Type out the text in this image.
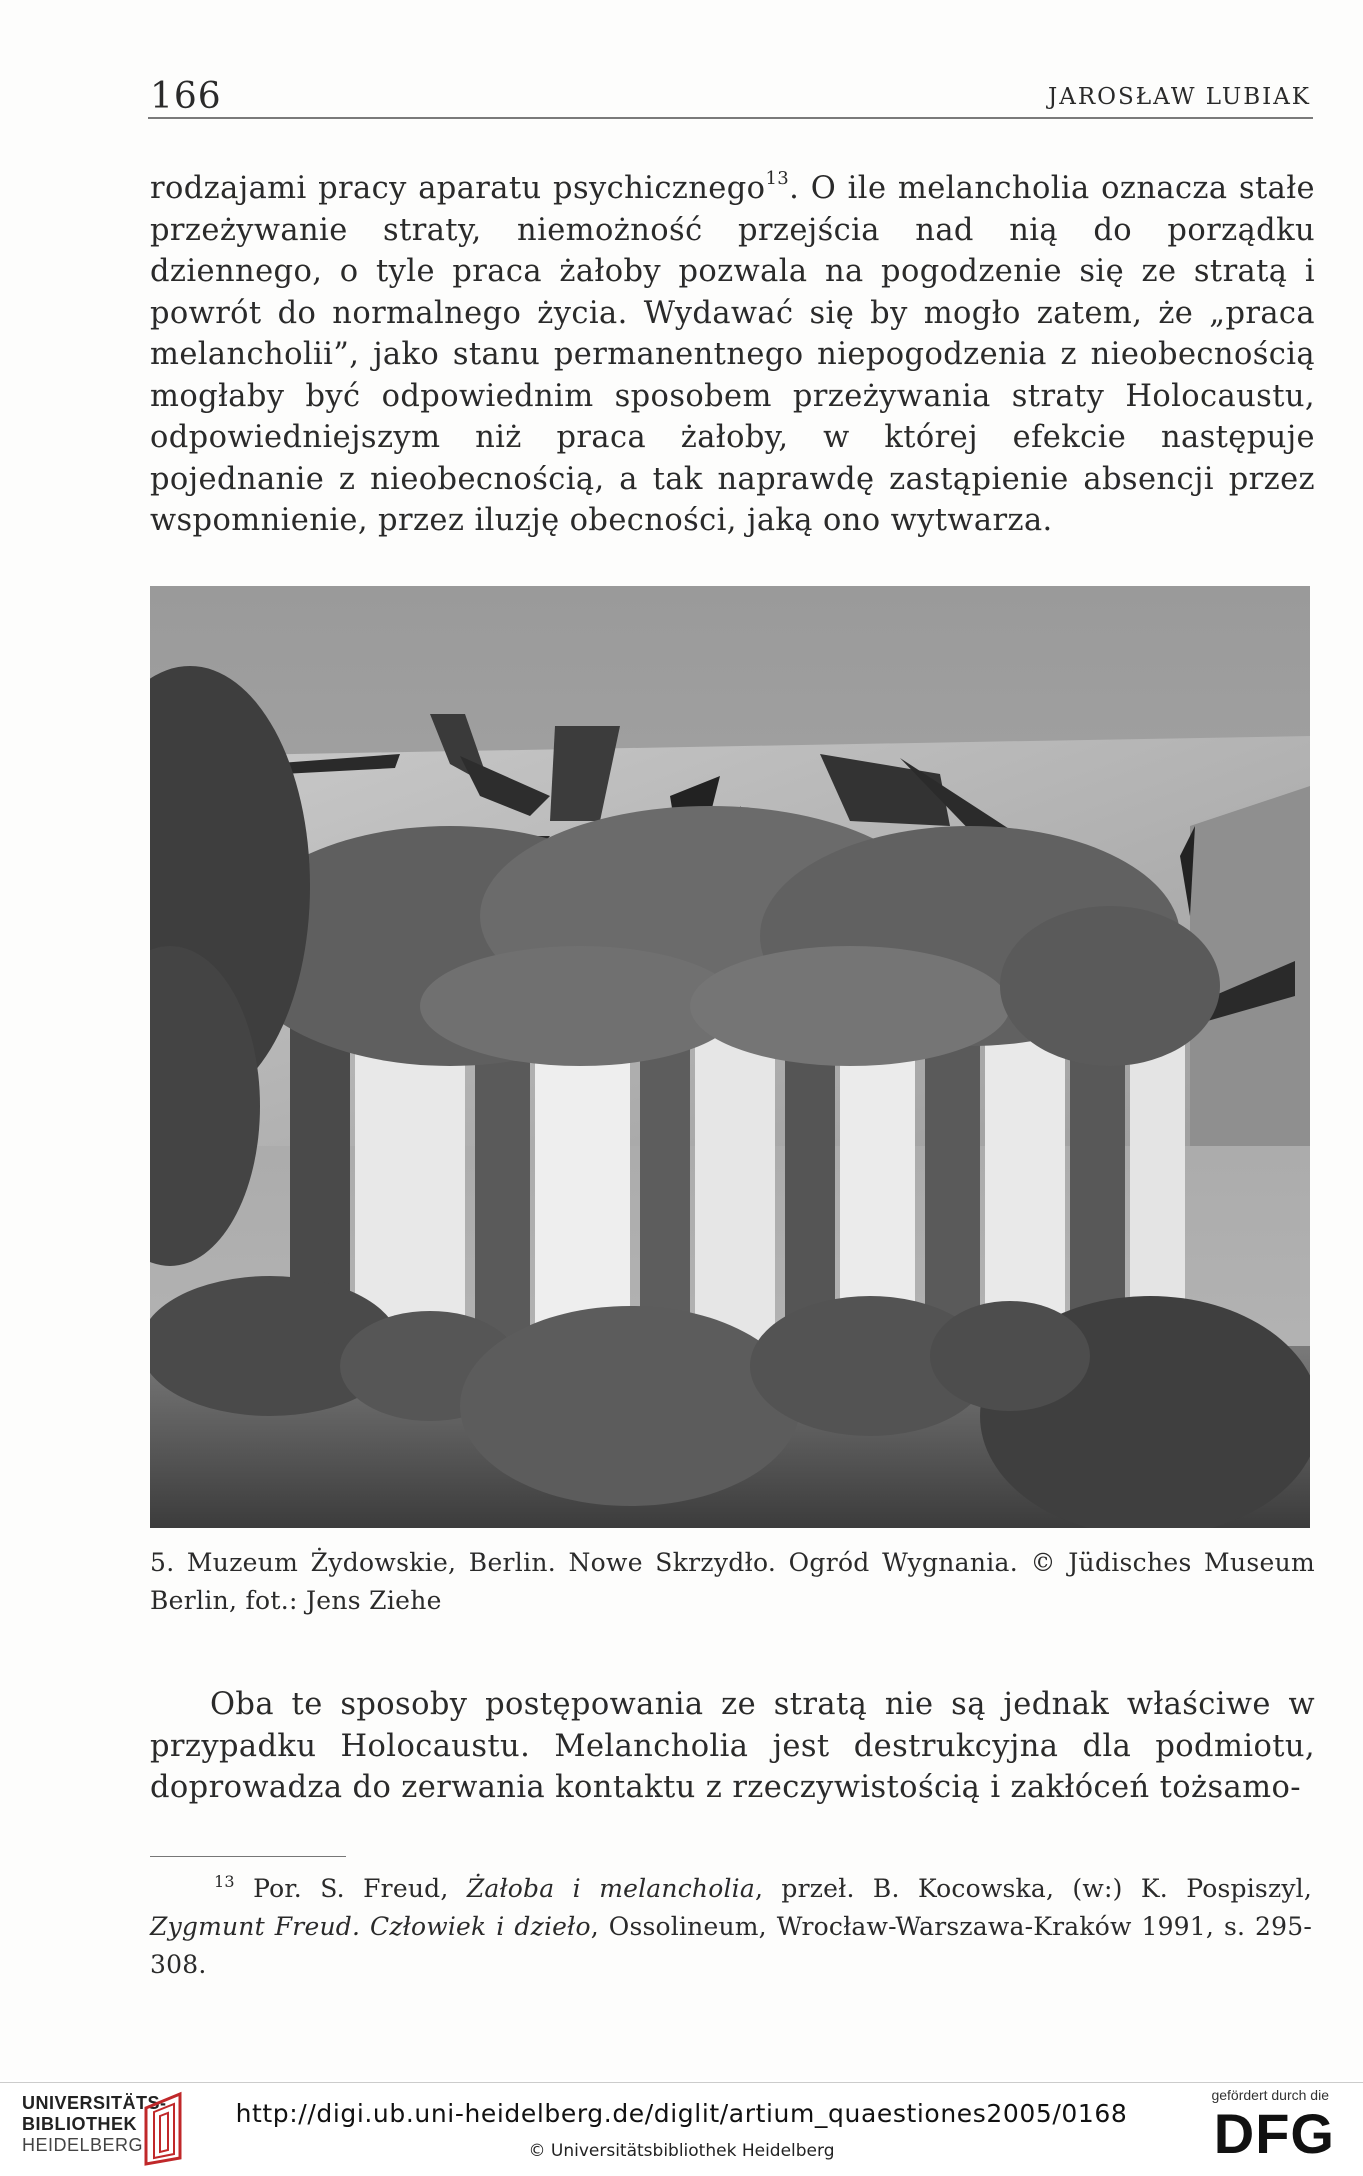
166	JAROSŁAW LUBIAK

rodzajami pracy aparatu psychicznego$^{13}$. O ile melancholia oznacza stałe przeżywanie straty, niemożność przejścia nad nią do porządku dziennego, o tyle praca żałoby pozwala na pogodzenie się ze stratą i powrót do normalnego życia. Wydawać się by mogło zatem, że „praca melancholii”, jako stanu permanentnego niepogodzenia z nieobecnością mogłaby być odpowiednim sposobem przeżywania straty Holocaustu, odpowiedniejszym niż praca żałoby, w której efekcie następuje pojednanie z nieobecnością, a tak naprawdę zastąpienie absencji przez wspomnienie, przez iluzję obecności, jaką ono wytwarza.

5. Muzeum Żydowskie, Berlin. Nowe Skrzydło. Ogród Wygnania. © Jüdisches Museum Berlin, fot.: Jens Ziehe

Oba te sposoby postępowania ze stratą nie są jednak właściwe w przypadku Holocaustu. Melancholia jest destrukcyjna dla podmiotu, doprowadza do zerwania kontaktu z rzeczywistością i zakłóceń tożsamo-

$^{13}$ Por. S. Freud, Żałoba i melancholia, przeł. B. Kocowska, (w:) K. Pospiszyl, Zygmunt Freud. Człowiek i dzieło, Ossolineum, Wrocław-Warszawa-Kraków 1991, s. 295-308.

UNIVERSITÄTS-
BIBLIOTHEK
HEIDELBERG
http://digi.ub.uni-heidelberg.de/diglit/artium_quaestiones2005/0168
© Universitätsbibliothek Heidelberg
gefördert durch die
DFG
